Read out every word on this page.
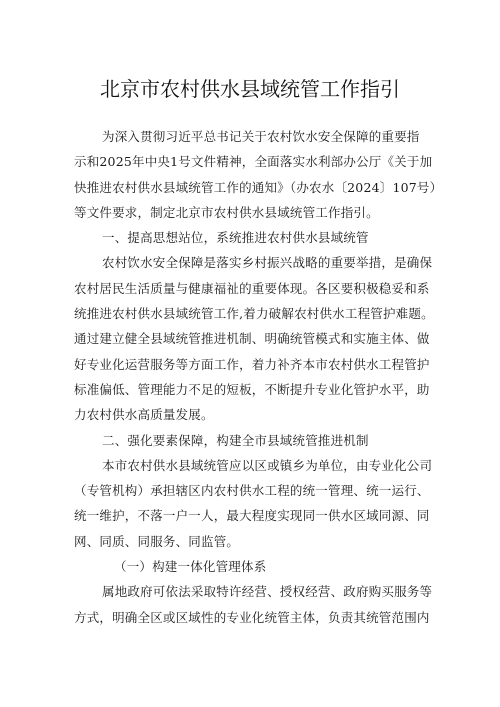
北京市农村供水县域统管工作指引
为深入贯彻习近平总书记关于农村饮水安全保障的重要指
示和2025年中央1号文件精神，全面落实水利部办公厅《关于加
快推进农村供水县域统管工作的通知》（办农水〔2024〕107号）
等文件要求，制定北京市农村供水县域统管工作指引。
一、提高思想站位，系统推进农村供水县域统管
农村饮水安全保障是落实乡村振兴战略的重要举措，是确保
农村居民生活质量与健康福祉的重要体现。各区要积极稳妥和系
统推进农村供水县域统管工作,着力破解农村供水工程管护难题。
通过建立健全县域统管推进机制、明确统管模式和实施主体、做
好专业化运营服务等方面工作，着力补齐本市农村供水工程管护
标准偏低、管理能力不足的短板，不断提升专业化管护水平，助
力农村供水高质量发展。
二、强化要素保障，构建全市县域统管推进机制
本市农村供水县域统管应以区或镇乡为单位，由专业化公司
（专管机构）承担辖区内农村供水工程的统一管理、统一运行、
统一维护，不落一户一人，最大程度实现同一供水区域同源、同
网、同质、同服务、同监管。
（一）构建一体化管理体系
属地政府可依法采取特许经营、授权经营、政府购买服务等
方式，明确全区或区域性的专业化统管主体，负责其统管范围内
